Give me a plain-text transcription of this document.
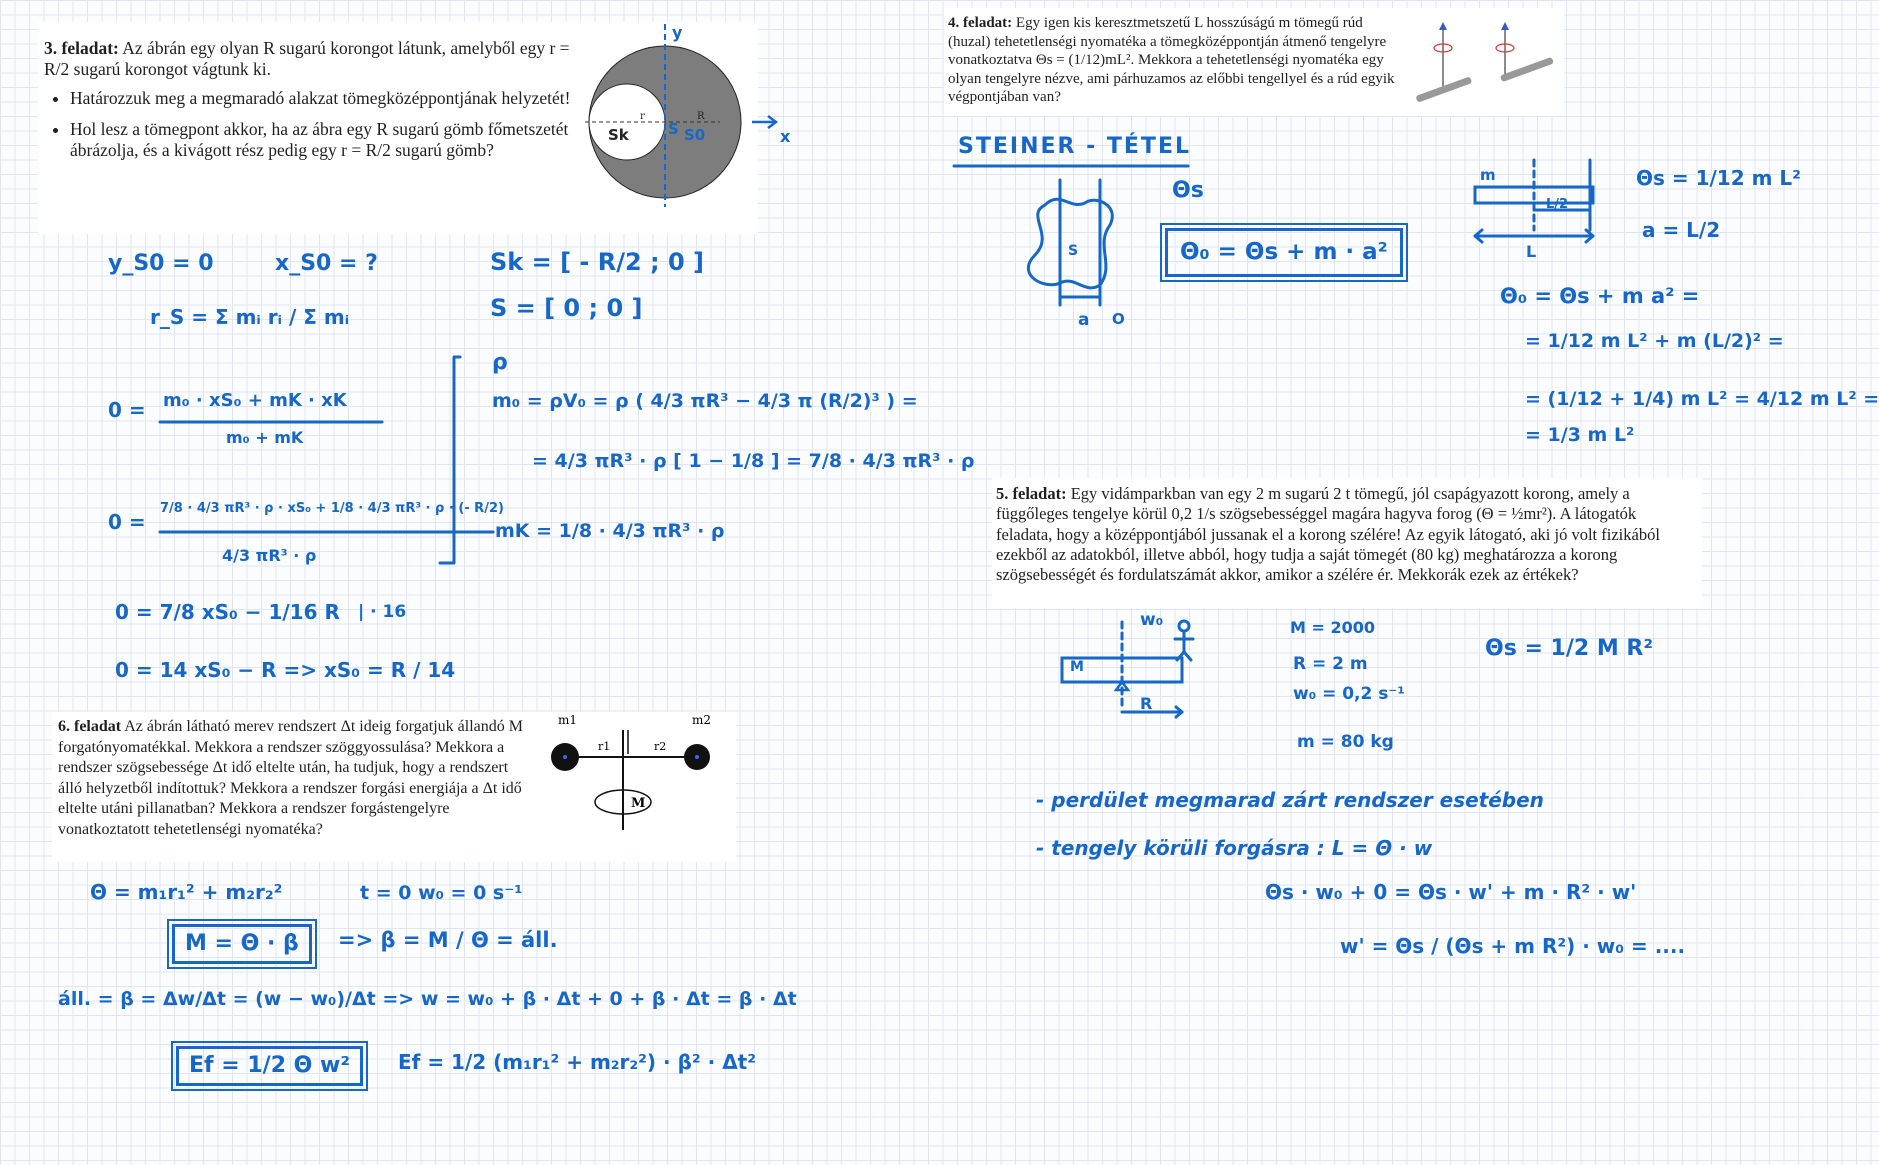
3. feladat: Az ábrán egy olyan R sugarú korongot látunk, amelyből egy r = R/2 sugarú korongot vágtunk ki.
• Határozzuk meg a megmaradó alakzat tömegközéppontjának helyzetét!
• Hol lesz a tömegpont akkor, ha az ábra egy R sugarú gömb főmetszetét ábrázolja, és a kivágott rész pedig egy r = R/2 sugarú gömb?
y
x
Sk
r
S S0
R
4. feladat: Egy igen kis keresztmetszetű L hosszúságú m tömegű rúd (huzal) tehetetlenségi nyomatéka a tömegközéppontján átmenő tengelyre vonatkoztatva Θs = (1/12)mL². Mekkora a tehetetlenségi nyomatéka egy olyan tengelyre nézve, ami párhuzamos az előbbi tengellyel és a rúd egyik végpontjában van?
5. feladat: Egy vidámparkban van egy 2 m sugarú 2 t tömegű, jól csapágyazott korong, amely a függőleges tengelye körül 0,2 1/s szögsebességgel magára hagyva forog (Θ = ½mr²). A látogatók feladata, hogy a középpontjából jussanak el a korong szélére! Az egyik látogató, aki jó volt fizikából ezekből az adatokból, illetve abból, hogy tudja a saját tömegét (80 kg) meghatározza a korong szögsebességét és fordulatszámát akkor, amikor a szélére ér. Mekkorák ezek az értékek?
6. feladat Az ábrán látható merev rendszert Δt ideig forgatjuk állandó M forgatónyomatékkal. Mekkora a rendszer szöggyossulása? Mekkora a rendszer szögsebessége Δt idő eltelte után, ha tudjuk, hogy a rendszert álló helyzetből indítottuk? Mekkora a rendszer forgási energiája a Δt idő eltelte utáni pillanatban? Mekkora a rendszer forgástengelyre vonatkoztatott tehetetlenségi nyomatéka?
m1	m2
r1	r2
M
y_S0 = 0	x_S0 = ?
r_S = Σ mᵢ rᵢ / Σ mᵢ
Sk = [ - R/2 ; 0 ]
S = [ 0 ; 0 ]
0 = m₀ · xS₀ + mK · xK
m₀ + mK
0 =
7/8 · 4/3 πR³ · ρ · xS₀ + 1/8 · 4/3 πR³ · ρ · (- R/2)
4/3 πR³ · ρ
0 = 7/8 xS₀ − 1/16 R | · 16
0 = 14 xS₀ − R => xS₀ = R / 14
ρ
m₀ = ρV₀ = ρ ( 4/3 πR³ − 4/3 π (R/2)³ ) =
= 4/3 πR³ · ρ [ 1 − 1/8 ] = 7/8 · 4/3 πR³ · ρ
mK = 1/8 · 4/3 πR³ · ρ
STEINER - TÉTEL
S
a O
Θs
Θ₀ = Θs + m · a²
m
L/2
L
Θs = 1/12 m L²
a = L/2
Θ₀ = Θs + m a² =
= 1/12 m L² + m (L/2)² =
= (1/12 + 1/4) m L² = 4/12 m L² =
= 1/3 m L²
w₀
M
R
M = 2000
R = 2 m
w₀ = 0,2 s⁻¹
m = 80 kg
Θs = 1/2 M R²
- perdület megmarad zárt rendszer esetében
- tengely körüli forgásra : L = Θ · w
Θs · w₀ + 0 = Θs · w' + m · R² · w'
w' = Θs / (Θs + m R²) · w₀ = ....
Θ = m₁r₁² + m₂r₂²	t = 0 w₀ = 0 s⁻¹
M = Θ · β	=> β = M / Θ = áll.
áll. = β = Δw/Δt = (w − w₀)/Δt => w = w₀ + β · Δt + 0 + β · Δt = β · Δt
Ef = 1/2 Θ w²	Ef = 1/2 (m₁r₁² + m₂r₂²) · β² · Δt²
